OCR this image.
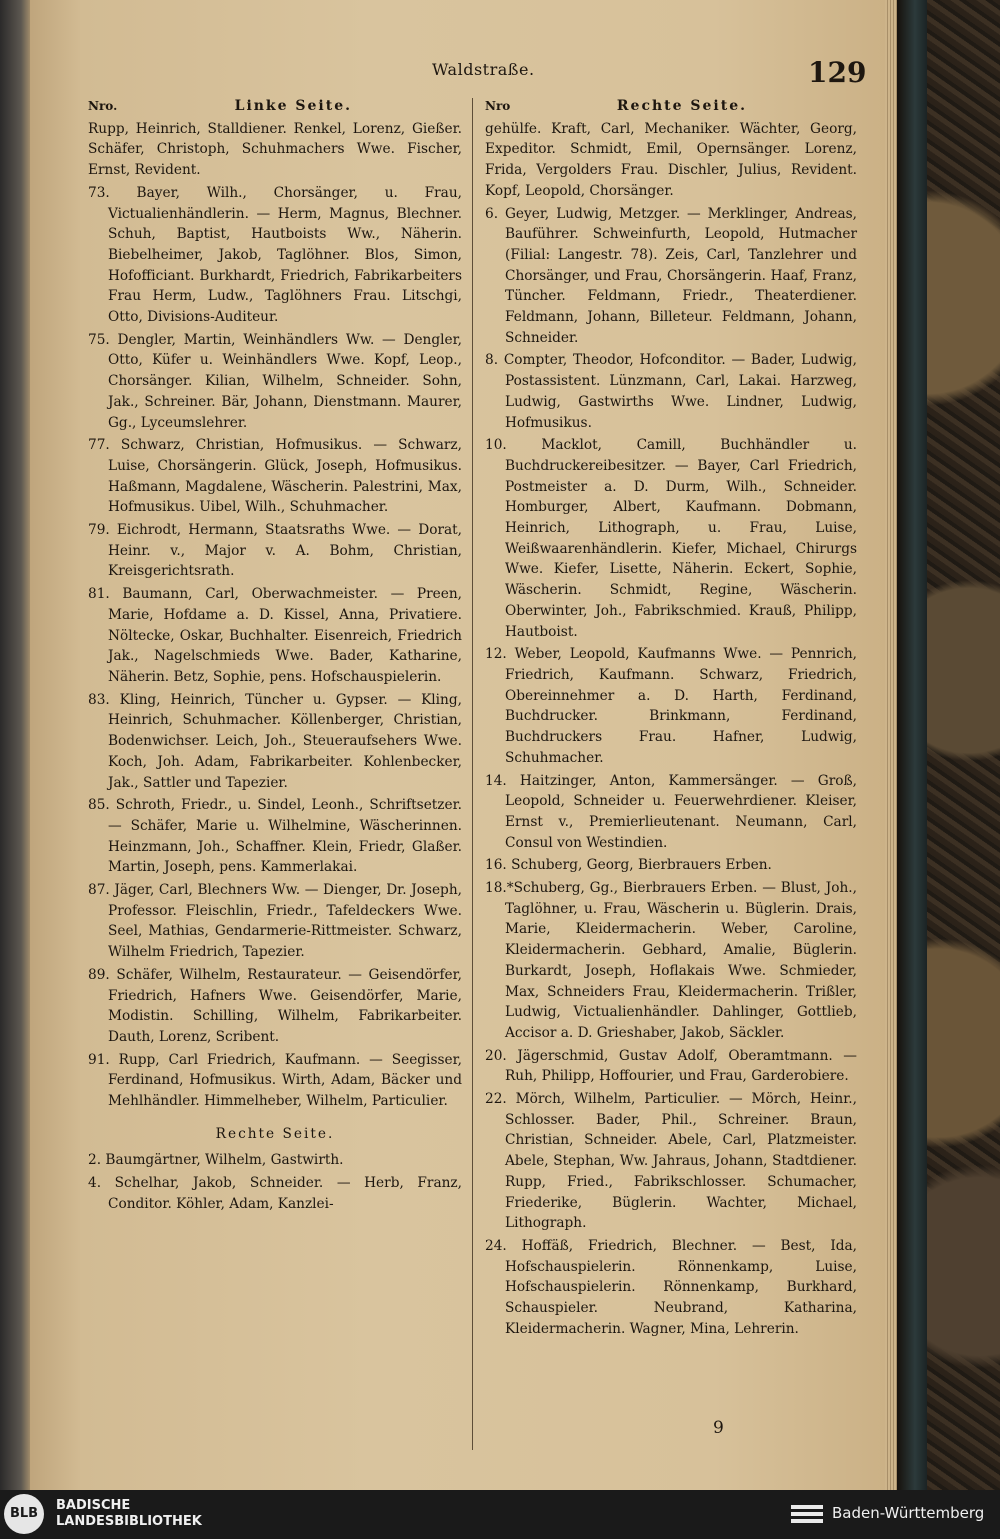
Waldstraße.	129
Nro.	Linke Seite.
Rupp, Heinrich, Stalldiener. Renkel, Lorenz, Gießer. Schäfer, Christoph, Schuhmachers Wwe. Fischer, Ernst, Revident.
73. Bayer, Wilh., Chorsänger, u. Frau, Victualienhändlerin. — Herm, Magnus, Blechner. Schuh, Baptist, Hautboists Ww., Näherin. Biebelheimer, Jakob, Taglöhner. Blos, Simon, Hofofficiant. Burkhardt, Friedrich, Fabrikarbeiters Frau Herm, Ludw., Taglöhners Frau. Litschgi, Otto, Divisions-Auditeur.
75. Dengler, Martin, Weinhändlers Ww. — Dengler, Otto, Küfer u. Weinhändlers Wwe. Kopf, Leop., Chorsänger. Kilian, Wilhelm, Schneider. Sohn, Jak., Schreiner. Bär, Johann, Dienstmann. Maurer, Gg., Lyceumslehrer.
77. Schwarz, Christian, Hofmusikus. — Schwarz, Luise, Chorsängerin. Glück, Joseph, Hofmusikus. Haßmann, Magdalene, Wäscherin. Palestrini, Max, Hofmusikus. Uibel, Wilh., Schuhmacher.
79. Eichrodt, Hermann, Staatsraths Wwe. — Dorat, Heinr. v., Major v. A. Bohm, Christian, Kreisgerichtsrath.
81. Baumann, Carl, Oberwachmeister. — Preen, Marie, Hofdame a. D. Kissel, Anna, Privatiere. Nöltecke, Oskar, Buchhalter. Eisenreich, Friedrich Jak., Nagelschmieds Wwe. Bader, Katharine, Näherin. Betz, Sophie, pens. Hofschauspielerin.
83. Kling, Heinrich, Tüncher u. Gypser. — Kling, Heinrich, Schuhmacher. Köllenberger, Christian, Bodenwichser. Leich, Joh., Steueraufsehers Wwe. Koch, Joh. Adam, Fabrikarbeiter. Kohlenbecker, Jak., Sattler und Tapezier.
85. Schroth, Friedr., u. Sindel, Leonh., Schriftsetzer. — Schäfer, Marie u. Wilhelmine, Wäscherinnen. Heinzmann, Joh., Schaffner. Klein, Friedr, Glaßer. Martin, Joseph, pens. Kammerlakai.
87. Jäger, Carl, Blechners Ww. — Dienger, Dr. Joseph, Professor. Fleischlin, Friedr., Tafeldeckers Wwe. Seel, Mathias, Gendarmerie-Rittmeister. Schwarz, Wilhelm Friedrich, Tapezier.
89. Schäfer, Wilhelm, Restaurateur. — Geisendörfer, Friedrich, Hafners Wwe. Geisendörfer, Marie, Modistin. Schilling, Wilhelm, Fabrikarbeiter. Dauth, Lorenz, Scribent.
91. Rupp, Carl Friedrich, Kaufmann. — Seegisser, Ferdinand, Hofmusikus. Wirth, Adam, Bäcker und Mehlhändler. Himmelheber, Wilhelm, Particulier.
Rechte Seite.
2. Baumgärtner, Wilhelm, Gastwirth.
4. Schelhar, Jakob, Schneider. — Herb, Franz, Conditor. Köhler, Adam, Kanzlei-
Nro	Rechte Seite.
gehülfe. Kraft, Carl, Mechaniker. Wächter, Georg, Expeditor. Schmidt, Emil, Opernsänger. Lorenz, Frida, Vergolders Frau. Dischler, Julius, Revident. Kopf, Leopold, Chorsänger.
6. Geyer, Ludwig, Metzger. — Merklinger, Andreas, Bauführer. Schweinfurth, Leopold, Hutmacher (Filial: Langestr. 78). Zeis, Carl, Tanzlehrer und Chorsänger, und Frau, Chorsängerin. Haaf, Franz, Tüncher. Feldmann, Friedr., Theaterdiener. Feldmann, Johann, Billeteur. Feldmann, Johann, Schneider.
8. Compter, Theodor, Hofconditor. — Bader, Ludwig, Postassistent. Lünzmann, Carl, Lakai. Harzweg, Ludwig, Gastwirths Wwe. Lindner, Ludwig, Hofmusikus.
10. Macklot, Camill, Buchhändler u. Buchdruckereibesitzer. — Bayer, Carl Friedrich, Postmeister a. D. Durm, Wilh., Schneider. Homburger, Albert, Kaufmann. Dobmann, Heinrich, Lithograph, u. Frau, Luise, Weißwaarenhändlerin. Kiefer, Michael, Chirurgs Wwe. Kiefer, Lisette, Näherin. Eckert, Sophie, Wäscherin. Schmidt, Regine, Wäscherin. Oberwinter, Joh., Fabrikschmied. Krauß, Philipp, Hautboist.
12. Weber, Leopold, Kaufmanns Wwe. — Pennrich, Friedrich, Kaufmann. Schwarz, Friedrich, Obereinnehmer a. D. Harth, Ferdinand, Buchdrucker. Brinkmann, Ferdinand, Buchdruckers Frau. Hafner, Ludwig, Schuhmacher.
14. Haitzinger, Anton, Kammersänger. — Groß, Leopold, Schneider u. Feuerwehrdiener. Kleiser, Ernst v., Premierlieutenant. Neumann, Carl, Consul von Westindien.
16. Schuberg, Georg, Bierbrauers Erben.
18.*Schuberg, Gg., Bierbrauers Erben. — Blust, Joh., Taglöhner, u. Frau, Wäscherin u. Büglerin. Drais, Marie, Kleidermacherin. Weber, Caroline, Kleidermacherin. Gebhard, Amalie, Büglerin. Burkardt, Joseph, Hoflakais Wwe. Schmieder, Max, Schneiders Frau, Kleidermacherin. Trißler, Ludwig, Victualienhändler. Dahlinger, Gottlieb, Accisor a. D. Grieshaber, Jakob, Säckler.
20. Jägerschmid, Gustav Adolf, Oberamtmann. — Ruh, Philipp, Hoffourier, und Frau, Garderobiere.
22. Mörch, Wilhelm, Particulier. — Mörch, Heinr., Schlosser. Bader, Phil., Schreiner. Braun, Christian, Schneider. Abele, Carl, Platzmeister. Abele, Stephan, Ww. Jahraus, Johann, Stadtdiener. Rupp, Fried., Fabrikschlosser. Schumacher, Friederike, Büglerin. Wachter, Michael, Lithograph.
24. Hoffäß, Friedrich, Blechner. — Best, Ida, Hofschauspielerin. Rönnenkamp, Luise, Hofschauspielerin. Rönnenkamp, Burkhard, Schauspieler. Neubrand, Katharina, Kleidermacherin. Wagner, Mina, Lehrerin.
9
BLB
BADISCHE
LANDESBIBLIOTHEK	Baden-Württemberg
